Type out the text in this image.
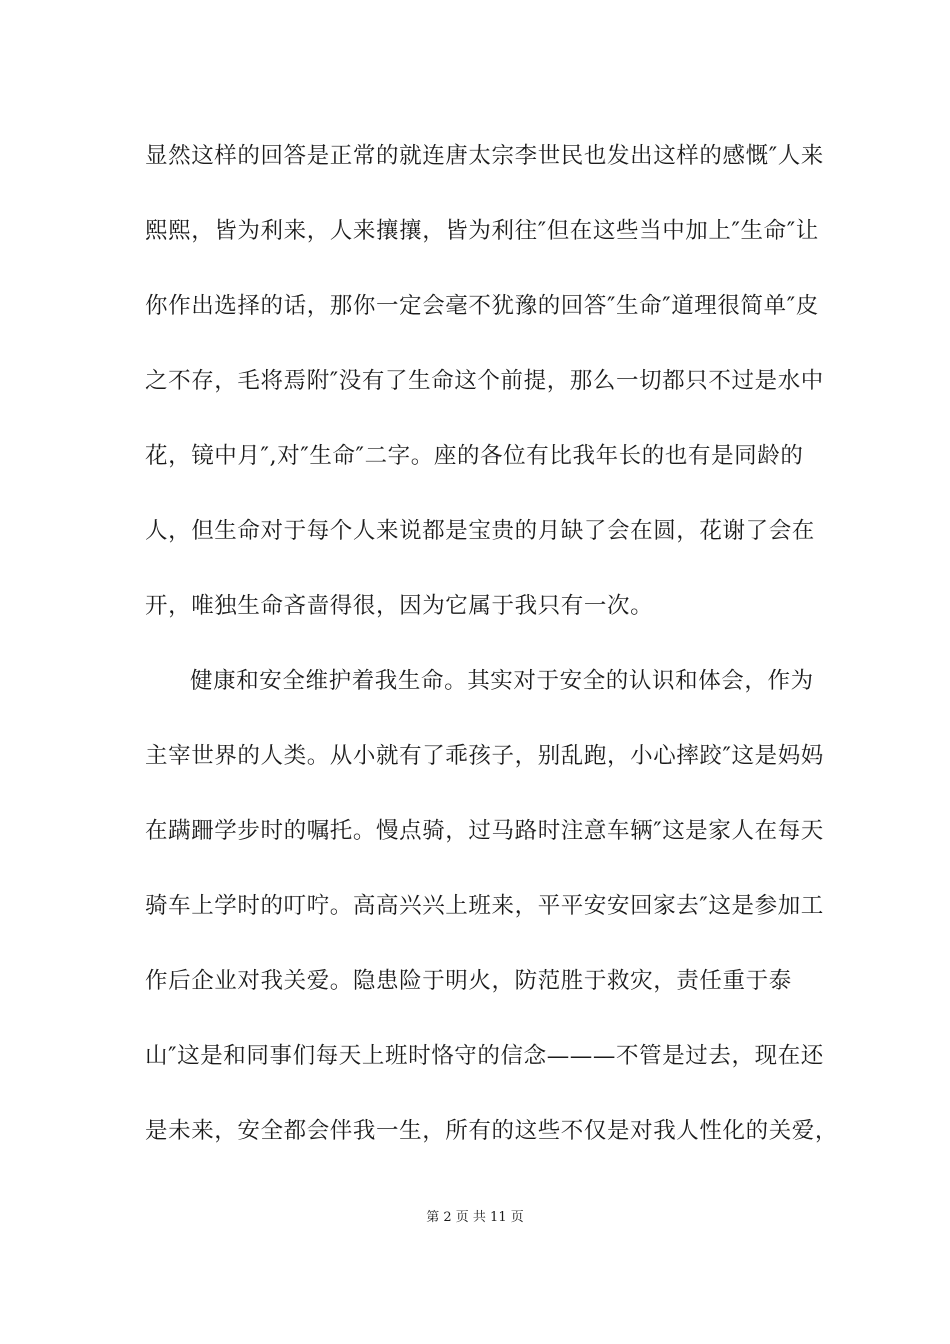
显然这样的回答是正常的就连唐太宗李世民也发出这样的感慨″人来
熙熙，皆为利来，人来攘攘，皆为利往″但在这些当中加上″生命″让
你作出选择的话，那你一定会毫不犹豫的回答″生命″道理很简单″皮
之不存，毛将焉附″没有了生命这个前提，那么一切都只不过是水中
花，镜中月″,对″生命″二字。座的各位有比我年长的也有是同龄的
人，但生命对于每个人来说都是宝贵的月缺了会在圆，花谢了会在
开，唯独生命吝啬得很，因为它属于我只有一次。
健康和安全维护着我生命。其实对于安全的认识和体会，作为
主宰世界的人类。从小就有了乖孩子，别乱跑，小心摔跤″这是妈妈
在蹒跚学步时的嘱托。慢点骑，过马路时注意车辆″这是家人在每天
骑车上学时的叮咛。高高兴兴上班来，平平安安回家去″这是参加工
作后企业对我关爱。隐患险于明火，防范胜于救灾，责任重于泰
山″这是和同事们每天上班时恪守的信念———不管是过去，现在还
是未来，安全都会伴我一生，所有的这些不仅是对我人性化的关爱，
第 2 页 共 11 页
